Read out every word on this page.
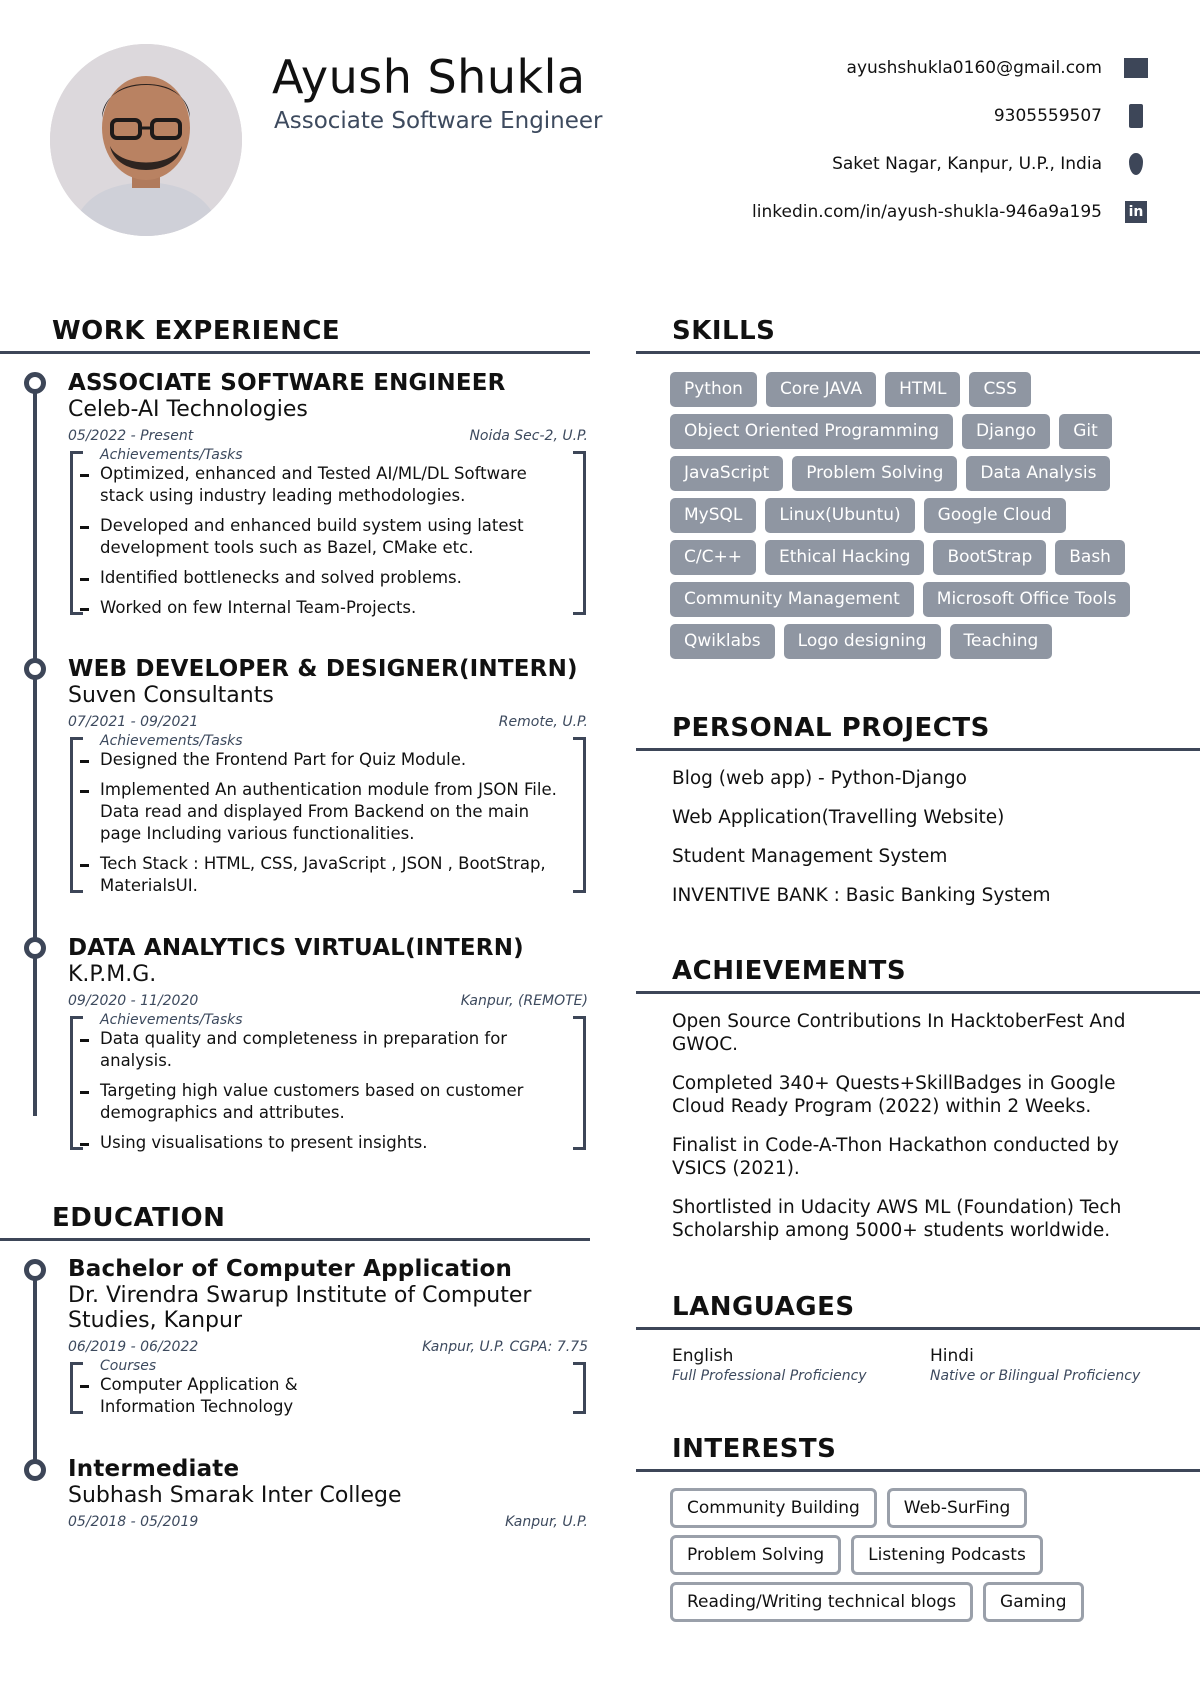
Ayush Shukla
Associate Software Engineer
ayushshukla0160@gmail.com
9305559507
Saket Nagar, Kanpur, U.P., India
linkedin.com/in/ayush-shukla-946a9a195 in
WORK EXPERIENCE
ASSOCIATE SOFTWARE ENGINEER
Celeb-AI Technologies
05/2022 - Present	Noida Sec-2, U.P.
Achievements/Tasks
Optimized, enhanced and Tested AI/ML/DL Software stack using industry leading methodologies.
Developed and enhanced build system using latest development tools such as Bazel, CMake etc.
Identified bottlenecks and solved problems.
Worked on few Internal Team-Projects.
WEB DEVELOPER & DESIGNER(INTERN)
Suven Consultants
07/2021 - 09/2021	Remote, U.P.
Achievements/Tasks
Designed the Frontend Part for Quiz Module.
Implemented An authentication module from JSON File. Data read and displayed From Backend on the main page Including various functionalities.
Tech Stack : HTML, CSS, JavaScript , JSON , BootStrap, MaterialsUI.
DATA ANALYTICS VIRTUAL(INTERN)
K.P.M.G.
09/2020 - 11/2020	Kanpur, (REMOTE)
Achievements/Tasks
Data quality and completeness in preparation for analysis.
Targeting high value customers based on customer demographics and attributes.
Using visualisations to present insights.
EDUCATION
Bachelor of Computer Application
Dr. Virendra Swarup Institute of Computer Studies, Kanpur
06/2019 - 06/2022	Kanpur, U.P. CGPA: 7.75
Courses
Computer Application & Information Technology
Intermediate
Subhash Smarak Inter College
05/2018 - 05/2019	Kanpur, U.P.
SKILLS
Python	Core JAVA	HTML	CSS
Object Oriented Programming	Django	Git
JavaScript	Problem Solving	Data Analysis
MySQL	Linux(Ubuntu)	Google Cloud
C/C++	Ethical Hacking	BootStrap	Bash
Community Management	Microsoft Office Tools
Qwiklabs	Logo designing	Teaching
PERSONAL PROJECTS
Blog (web app) - Python-Django
Web Application(Travelling Website)
Student Management System
INVENTIVE BANK : Basic Banking System
ACHIEVEMENTS
Open Source Contributions In HacktoberFest And GWOC.
Completed 340+ Quests+SkillBadges in Google Cloud Ready Program (2022) within 2 Weeks.
Finalist in Code-A-Thon Hackathon conducted by VSICS (2021).
Shortlisted in Udacity AWS ML (Foundation) Tech Scholarship among 5000+ students worldwide.
LANGUAGES
English
Full Professional Proficiency
Hindi
Native or Bilingual Proficiency
INTERESTS
Community Building	Web-SurFing
Problem Solving	Listening Podcasts
Reading/Writing technical blogs	Gaming
